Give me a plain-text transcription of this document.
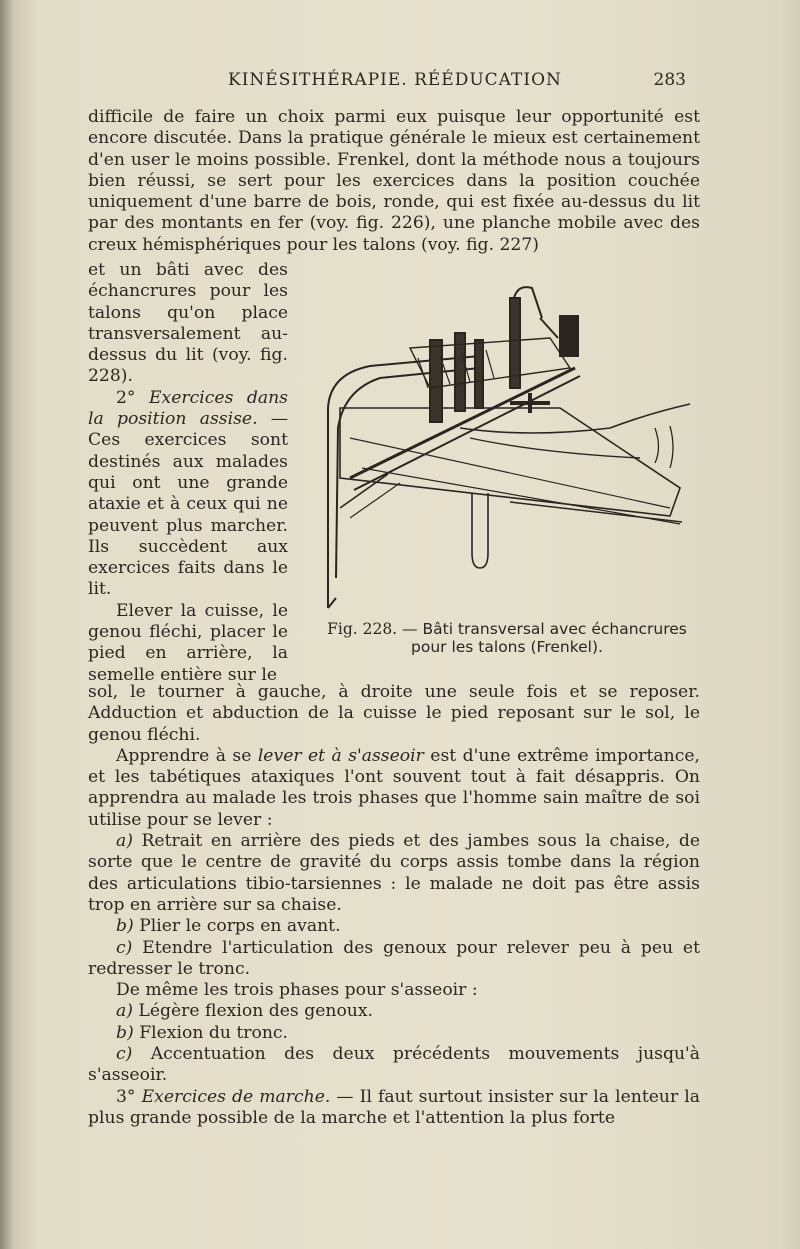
KINÉSITHÉRAPIE. RÉÉDUCATION	283

difficile de faire un choix parmi eux puisque leur opportunité est encore discutée. Dans la pratique générale le mieux est certainement d'en user le moins possible. Frenkel, dont la méthode nous a toujours bien réussi, se sert pour les exercices dans la position couchée uniquement d'une barre de bois, ronde, qui est fixée au-dessus du lit par des montants en fer (voy. fig. 226), une planche mobile avec des creux hémisphériques pour les talons (voy. fig. 227)

et un bâti avec des échancrures pour les talons qu'on place transversalement au-dessus du lit (voy. fig. 228).

2° Exercices dans la position assise. — Ces exercices sont destinés aux malades qui ont une grande ataxie et à ceux qui ne peuvent plus marcher. Ils succèdent aux exercices faits dans le lit.

Elever la cuisse, le genou fléchi, placer le pied en arrière, la semelle entière sur le

Fig. 228. — Bâti transversal avec échancrures pour les talons (Frenkel).

sol, le tourner à gauche, à droite une seule fois et se reposer. Adduction et abduction de la cuisse le pied reposant sur le sol, le genou fléchi.

Apprendre à se lever et à s'asseoir est d'une extrême importance, et les tabétiques ataxiques l'ont souvent tout à fait désappris. On apprendra au malade les trois phases que l'homme sain maître de soi utilise pour se lever :

a) Retrait en arrière des pieds et des jambes sous la chaise, de sorte que le centre de gravité du corps assis tombe dans la région des articulations tibio-tarsiennes : le malade ne doit pas être assis trop en arrière sur sa chaise.

b) Plier le corps en avant.

c) Etendre l'articulation des genoux pour relever peu à peu et redresser le tronc.

De même les trois phases pour s'asseoir :

a) Légère flexion des genoux.

b) Flexion du tronc.

c) Accentuation des deux précédents mouvements jusqu'à s'asseoir.

3° Exercices de marche. — Il faut surtout insister sur la lenteur la plus grande possible de la marche et l'attention la plus forte
